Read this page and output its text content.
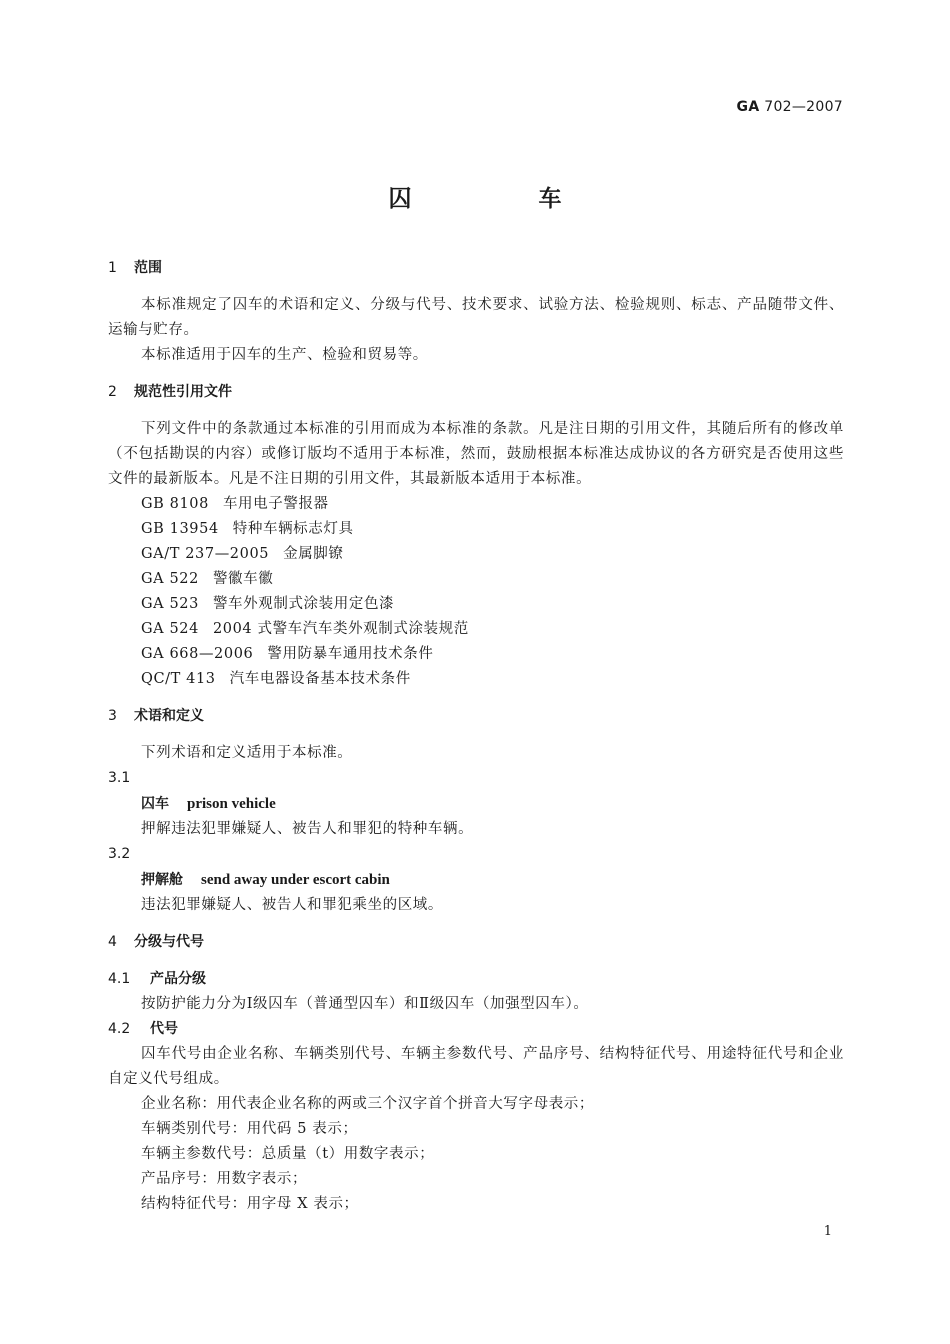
GA 702—2007
囚　车
1 范围
本标准规定了囚车的术语和定义、分级与代号、技术要求、试验方法、检验规则、标志、产品随带文件、运输与贮存。
本标准适用于囚车的生产、检验和贸易等。
2 规范性引用文件
下列文件中的条款通过本标准的引用而成为本标准的条款。凡是注日期的引用文件，其随后所有的修改单（不包括勘误的内容）或修订版均不适用于本标准，然而，鼓励根据本标准达成协议的各方研究是否使用这些文件的最新版本。凡是不注日期的引用文件，其最新版本适用于本标准。
GB 8108 车用电子警报器
GB 13954 特种车辆标志灯具
GA/T 237—2005 金属脚镣
GA 522 警徽车徽
GA 523 警车外观制式涂装用定色漆
GA 524 2004 式警车汽车类外观制式涂装规范
GA 668—2006 警用防暴车通用技术条件
QC/T 413 汽车电器设备基本技术条件
3 术语和定义
下列术语和定义适用于本标准。
3.1
囚车 prison vehicle
押解违法犯罪嫌疑人、被告人和罪犯的特种车辆。
3.2
押解舱 send away under escort cabin
违法犯罪嫌疑人、被告人和罪犯乘坐的区域。
4 分级与代号
4.1 产品分级
按防护能力分为Ⅰ级囚车（普通型囚车）和Ⅱ级囚车（加强型囚车）。
4.2 代号
囚车代号由企业名称、车辆类别代号、车辆主参数代号、产品序号、结构特征代号、用途特征代号和企业自定义代号组成。
企业名称：用代表企业名称的两或三个汉字首个拼音大写字母表示；
车辆类别代号：用代码 5 表示；
车辆主参数代号：总质量（t）用数字表示；
产品序号：用数字表示；
结构特征代号：用字母 X 表示；
1
